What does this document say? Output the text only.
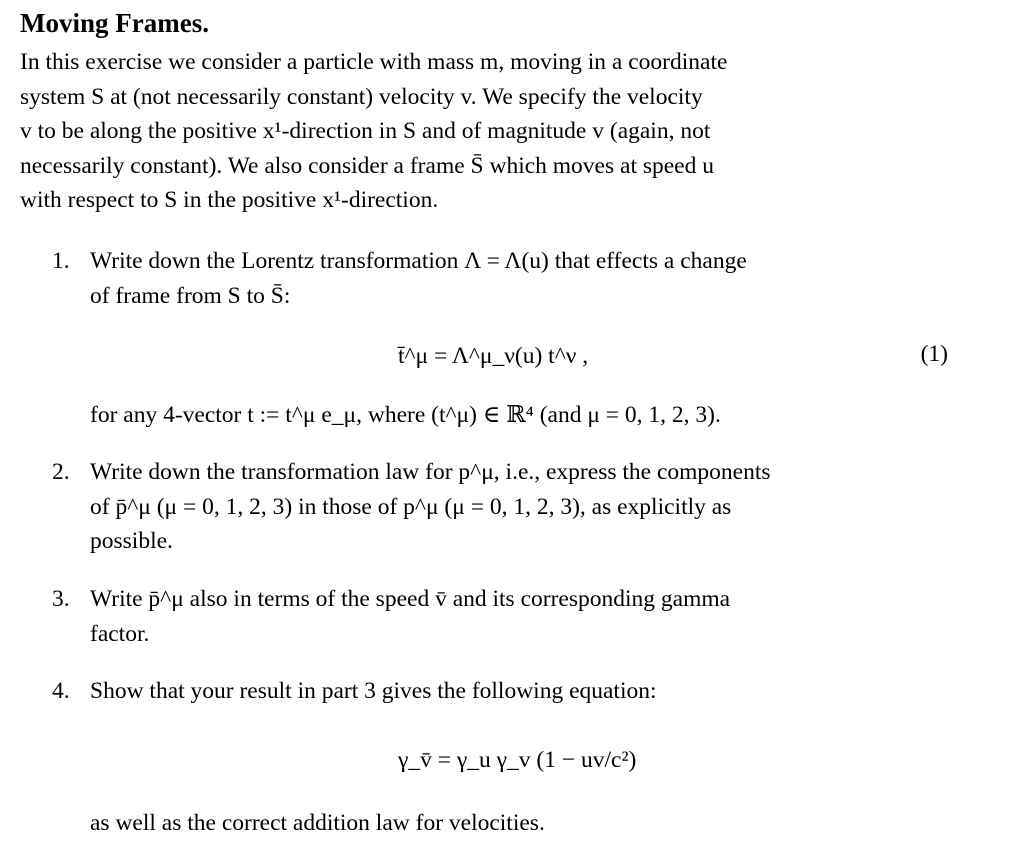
Moving Frames.
In this exercise we consider a particle with mass m, moving in a coordinate
system S at (not necessarily constant) velocity v. We specify the velocity
v to be along the positive x¹-direction in S and of magnitude v (again, not
necessarily constant). We also consider a frame S̄ which moves at speed u
with respect to S in the positive x¹-direction.
1. Write down the Lorentz transformation Λ = Λ(u) that effects a change
of frame from S to S̄:
t̄^μ = Λ^μ_ν(u) t^ν ,	(1)
for any 4-vector t := t^μ e_μ, where (t^μ) ∈ ℝ⁴ (and μ = 0, 1, 2, 3).
2. Write down the transformation law for p^μ, i.e., express the components
of p̄^μ (μ = 0, 1, 2, 3) in those of p^μ (μ = 0, 1, 2, 3), as explicitly as
possible.
3. Write p̄^μ also in terms of the speed v̄ and its corresponding gamma
factor.
4. Show that your result in part 3 gives the following equation:
γ_v̄ = γ_u γ_v (1 − uv/c²)
as well as the correct addition law for velocities.
